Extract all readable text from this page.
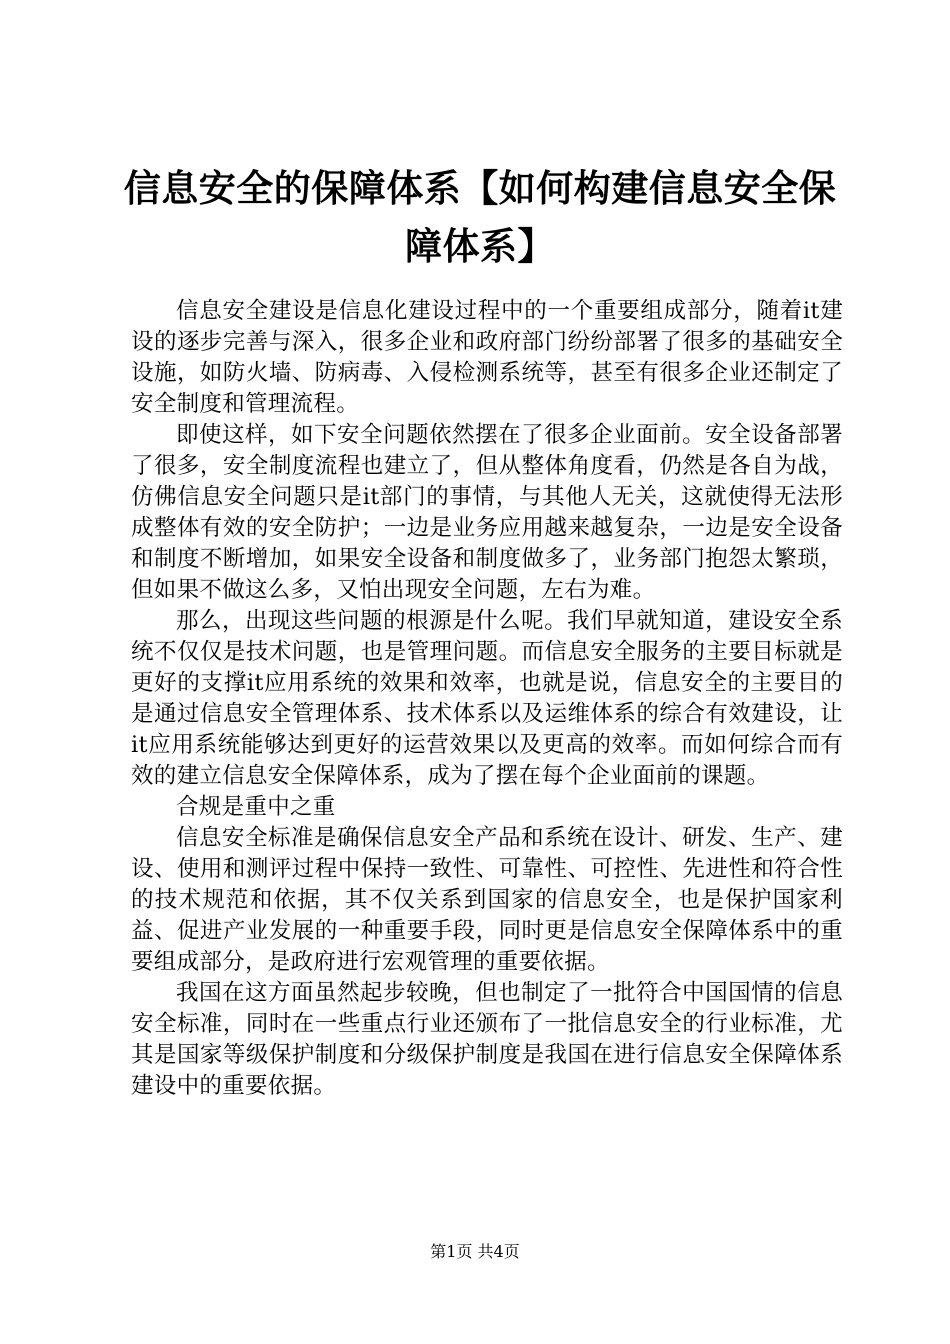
信息安全的保障体系【如何构建信息安全保障体系】

信息安全建设是信息化建设过程中的一个重要组成部分，随着it建设的逐步完善与深入，很多企业和政府部门纷纷部署了很多的基础安全设施，如防火墙、防病毒、入侵检测系统等，甚至有很多企业还制定了安全制度和管理流程。

即使这样，如下安全问题依然摆在了很多企业面前。安全设备部署了很多，安全制度流程也建立了，但从整体角度看，仍然是各自为战，仿佛信息安全问题只是it部门的事情，与其他人无关，这就使得无法形成整体有效的安全防护；一边是业务应用越来越复杂，一边是安全设备和制度不断增加，如果安全设备和制度做多了，业务部门抱怨太繁琐，但如果不做这么多，又怕出现安全问题，左右为难。

那么，出现这些问题的根源是什么呢。我们早就知道，建设安全系统不仅仅是技术问题，也是管理问题。而信息安全服务的主要目标就是更好的支撑it应用系统的效果和效率，也就是说，信息安全的主要目的是通过信息安全管理体系、技术体系以及运维体系的综合有效建设，让it应用系统能够达到更好的运营效果以及更高的效率。而如何综合而有效的建立信息安全保障体系，成为了摆在每个企业面前的课题。

合规是重中之重

信息安全标准是确保信息安全产品和系统在设计、研发、生产、建设、使用和测评过程中保持一致性、可靠性、可控性、先进性和符合性的技术规范和依据，其不仅关系到国家的信息安全，也是保护国家利益、促进产业发展的一种重要手段，同时更是信息安全保障体系中的重要组成部分，是政府进行宏观管理的重要依据。

我国在这方面虽然起步较晚，但也制定了一批符合中国国情的信息安全标准，同时在一些重点行业还颁布了一批信息安全的行业标准，尤其是国家等级保护制度和分级保护制度是我国在进行信息安全保障体系建设中的重要依据。

第1页 共4页
